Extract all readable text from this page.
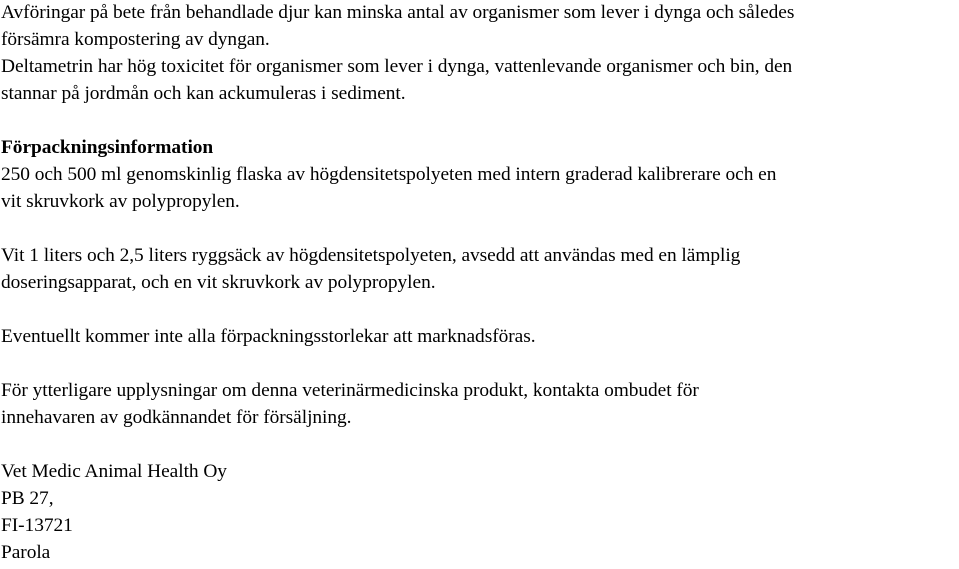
Avföringar på bete från behandlade djur kan minska antal av organismer som lever i dynga och således
försämra kompostering av dyngan.
Deltametrin har hög toxicitet för organismer som lever i dynga, vattenlevande organismer och bin, den
stannar på jordmån och kan ackumuleras i sediment.
Förpackningsinformation
250 och 500 ml genomskinlig flaska av högdensitetspolyeten med intern graderad kalibrerare och en
vit skruvkork av polypropylen.
Vit 1 liters och 2,5 liters ryggsäck av högdensitetspolyeten, avsedd att användas med en lämplig
doseringsapparat, och en vit skruvkork av polypropylen.
Eventuellt kommer inte alla förpackningsstorlekar att marknadsföras.
För ytterligare upplysningar om denna veterinärmedicinska produkt, kontakta ombudet för
innehavaren av godkännandet för försäljning.
Vet Medic Animal Health Oy
PB 27,
FI-13721
Parola
